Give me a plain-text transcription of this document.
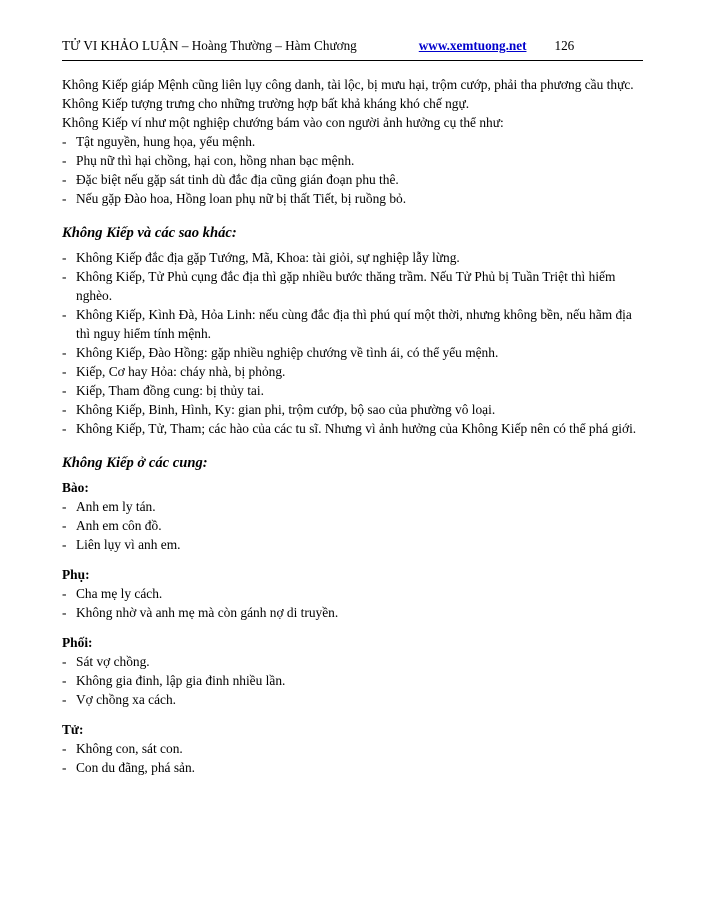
TỬ VI KHẢO LUẬN – Hoàng Thường – Hàm Chương	www.xemtuong.net 126

Không Kiếp giáp Mệnh cũng liên lụy công danh, tài lộc, bị mưu hại, trộm cướp, phải tha phương cầu thực.

Không Kiếp tượng trưng cho những trường hợp bất khả kháng khó chế ngự.

Không Kiếp ví như một nghiệp chướng bám vào con người ảnh hưởng cụ thể như:

- Tật nguyền, hung họa, yểu mệnh.
- Phụ nữ thì hại chồng, hại con, hồng nhan bạc mệnh.
- Đặc biệt nếu gặp sát tinh dù đắc địa cũng gián đoạn phu thê.
- Nếu gặp Đào hoa, Hồng loan phụ nữ bị thất Tiết, bị ruồng bỏ.
Không Kiếp và các sao khác:
- Không Kiếp đắc địa gặp Tướng, Mã, Khoa: tài giỏi, sự nghiệp lẫy lừng.
- Không Kiếp, Tử Phủ cụng đắc địa thì gặp nhiều bước thăng trầm. Nếu Tử Phủ bị Tuần Triệt thì hiếm nghèo.
- Không Kiếp, Kình Đà, Hỏa Linh: nếu cùng đắc địa thì phú quí một thời, nhưng không bền, nếu hãm địa thì nguy hiểm tính mệnh.
- Không Kiếp, Đào Hồng: gặp nhiều nghiệp chướng về tình ái, có thể yểu mệnh.
- Kiếp, Cơ hay Hỏa: cháy nhà, bị phỏng.
- Kiếp, Tham đồng cung: bị thủy tai.
- Không Kiếp, Binh, Hình, Ky: gian phi, trộm cướp, bộ sao của phường vô loại.
- Không Kiếp, Tử, Tham; các hào của các tu sĩ. Nhưng vì ảnh hưởng của Không Kiếp nên có thể phá giới.
Không Kiếp ở các cung:
Bào:
- Anh em ly tán.
- Anh em côn đồ.
- Liên lụy vì anh em.
Phụ:
- Cha mẹ ly cách.
- Không nhờ và anh mẹ mà còn gánh nợ di truyền.
Phối:
- Sát vợ chồng.
- Không gia đinh, lập gia đinh nhiều lần.
- Vợ chồng xa cách.
Tử:
- Không con, sát con.
- Con du đãng, phá sản.
